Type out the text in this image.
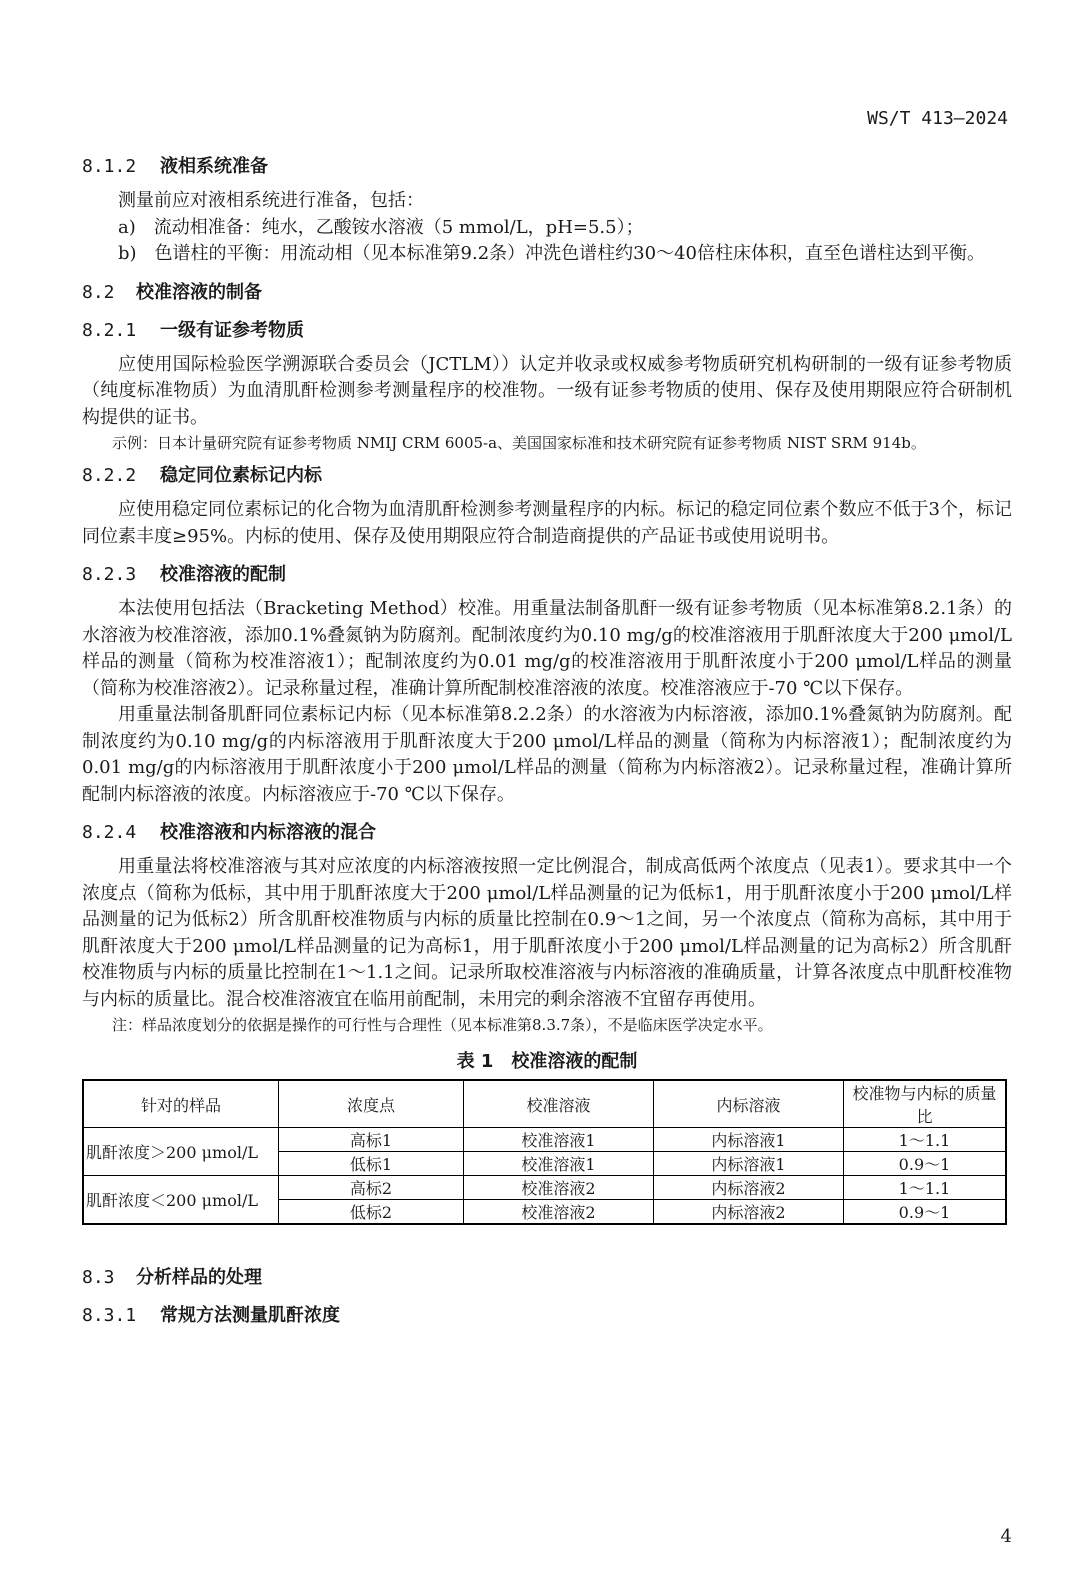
WS/T 413—2024
8.1.2 液相系统准备

测量前应对液相系统进行准备，包括：

a)　流动相准备：纯水，乙酸铵水溶液（5 mmol/L，pH=5.5）；

b)　色谱柱的平衡：用流动相（见本标准第9.2条）冲洗色谱柱约30～40倍柱床体积，直至色谱柱达到平衡。

8.2 校准溶液的制备
8.2.1 一级有证参考物质

应使用国际检验医学溯源联合委员会（JCTLM））认定并收录或权威参考物质研究机构研制的一级有证参考物质（纯度标准物质）为血清肌酐检测参考测量程序的校准物。一级有证参考物质的使用、保存及使用期限应符合研制机构提供的证书。

示例：日本计量研究院有证参考物质 NMIJ CRM 6005-a、美国国家标准和技术研究院有证参考物质 NIST SRM 914b。

8.2.2 稳定同位素标记内标

应使用稳定同位素标记的化合物为血清肌酐检测参考测量程序的内标。标记的稳定同位素个数应不低于3个，标记同位素丰度≥95%。内标的使用、保存及使用期限应符合制造商提供的产品证书或使用说明书。

8.2.3 校准溶液的配制

本法使用包括法（Bracketing Method）校准。用重量法制备肌酐一级有证参考物质（见本标准第8.2.1条）的水溶液为校准溶液，添加0.1%叠氮钠为防腐剂。配制浓度约为0.10 mg/g的校准溶液用于肌酐浓度大于200 μmol/L样品的测量（简称为校准溶液1）；配制浓度约为0.01 mg/g的校准溶液用于肌酐浓度小于200 μmol/L样品的测量（简称为校准溶液2）。记录称量过程，准确计算所配制校准溶液的浓度。校准溶液应于-70 ℃以下保存。

用重量法制备肌酐同位素标记内标（见本标准第8.2.2条）的水溶液为内标溶液，添加0.1%叠氮钠为防腐剂。配制浓度约为0.10 mg/g的内标溶液用于肌酐浓度大于200 μmol/L样品的测量（简称为内标溶液1）；配制浓度约为0.01 mg/g的内标溶液用于肌酐浓度小于200 μmol/L样品的测量（简称为内标溶液2）。记录称量过程，准确计算所配制内标溶液的浓度。内标溶液应于-70 ℃以下保存。

8.2.4 校准溶液和内标溶液的混合

用重量法将校准溶液与其对应浓度的内标溶液按照一定比例混合，制成高低两个浓度点（见表1）。要求其中一个浓度点（简称为低标，其中用于肌酐浓度大于200 μmol/L样品测量的记为低标1，用于肌酐浓度小于200 μmol/L样品测量的记为低标2）所含肌酐校准物质与内标的质量比控制在0.9～1之间，另一个浓度点（简称为高标，其中用于肌酐浓度大于200 μmol/L样品测量的记为高标1，用于肌酐浓度小于200 μmol/L样品测量的记为高标2）所含肌酐校准物质与内标的质量比控制在1～1.1之间。记录所取校准溶液与内标溶液的准确质量，计算各浓度点中肌酐校准物与内标的质量比。混合校准溶液宜在临用前配制，未用完的剩余溶液不宜留存再使用。

注：样品浓度划分的依据是操作的可行性与合理性（见本标准第8.3.7条），不是临床医学决定水平。

表 1　校准溶液的配制
针对的样品	浓度点	校准溶液	内标溶液	校准物与内标的质量比
肌酐浓度＞200 μmol/L	高标1	校准溶液1	内标溶液1	1～1.1
	低标1	校准溶液1	内标溶液1	0.9～1
肌酐浓度＜200 μmol/L	高标2	校准溶液2	内标溶液2	1～1.1
	低标2	校准溶液2	内标溶液2	0.9～1
8.3 分析样品的处理
8.3.1 常规方法测量肌酐浓度
4
